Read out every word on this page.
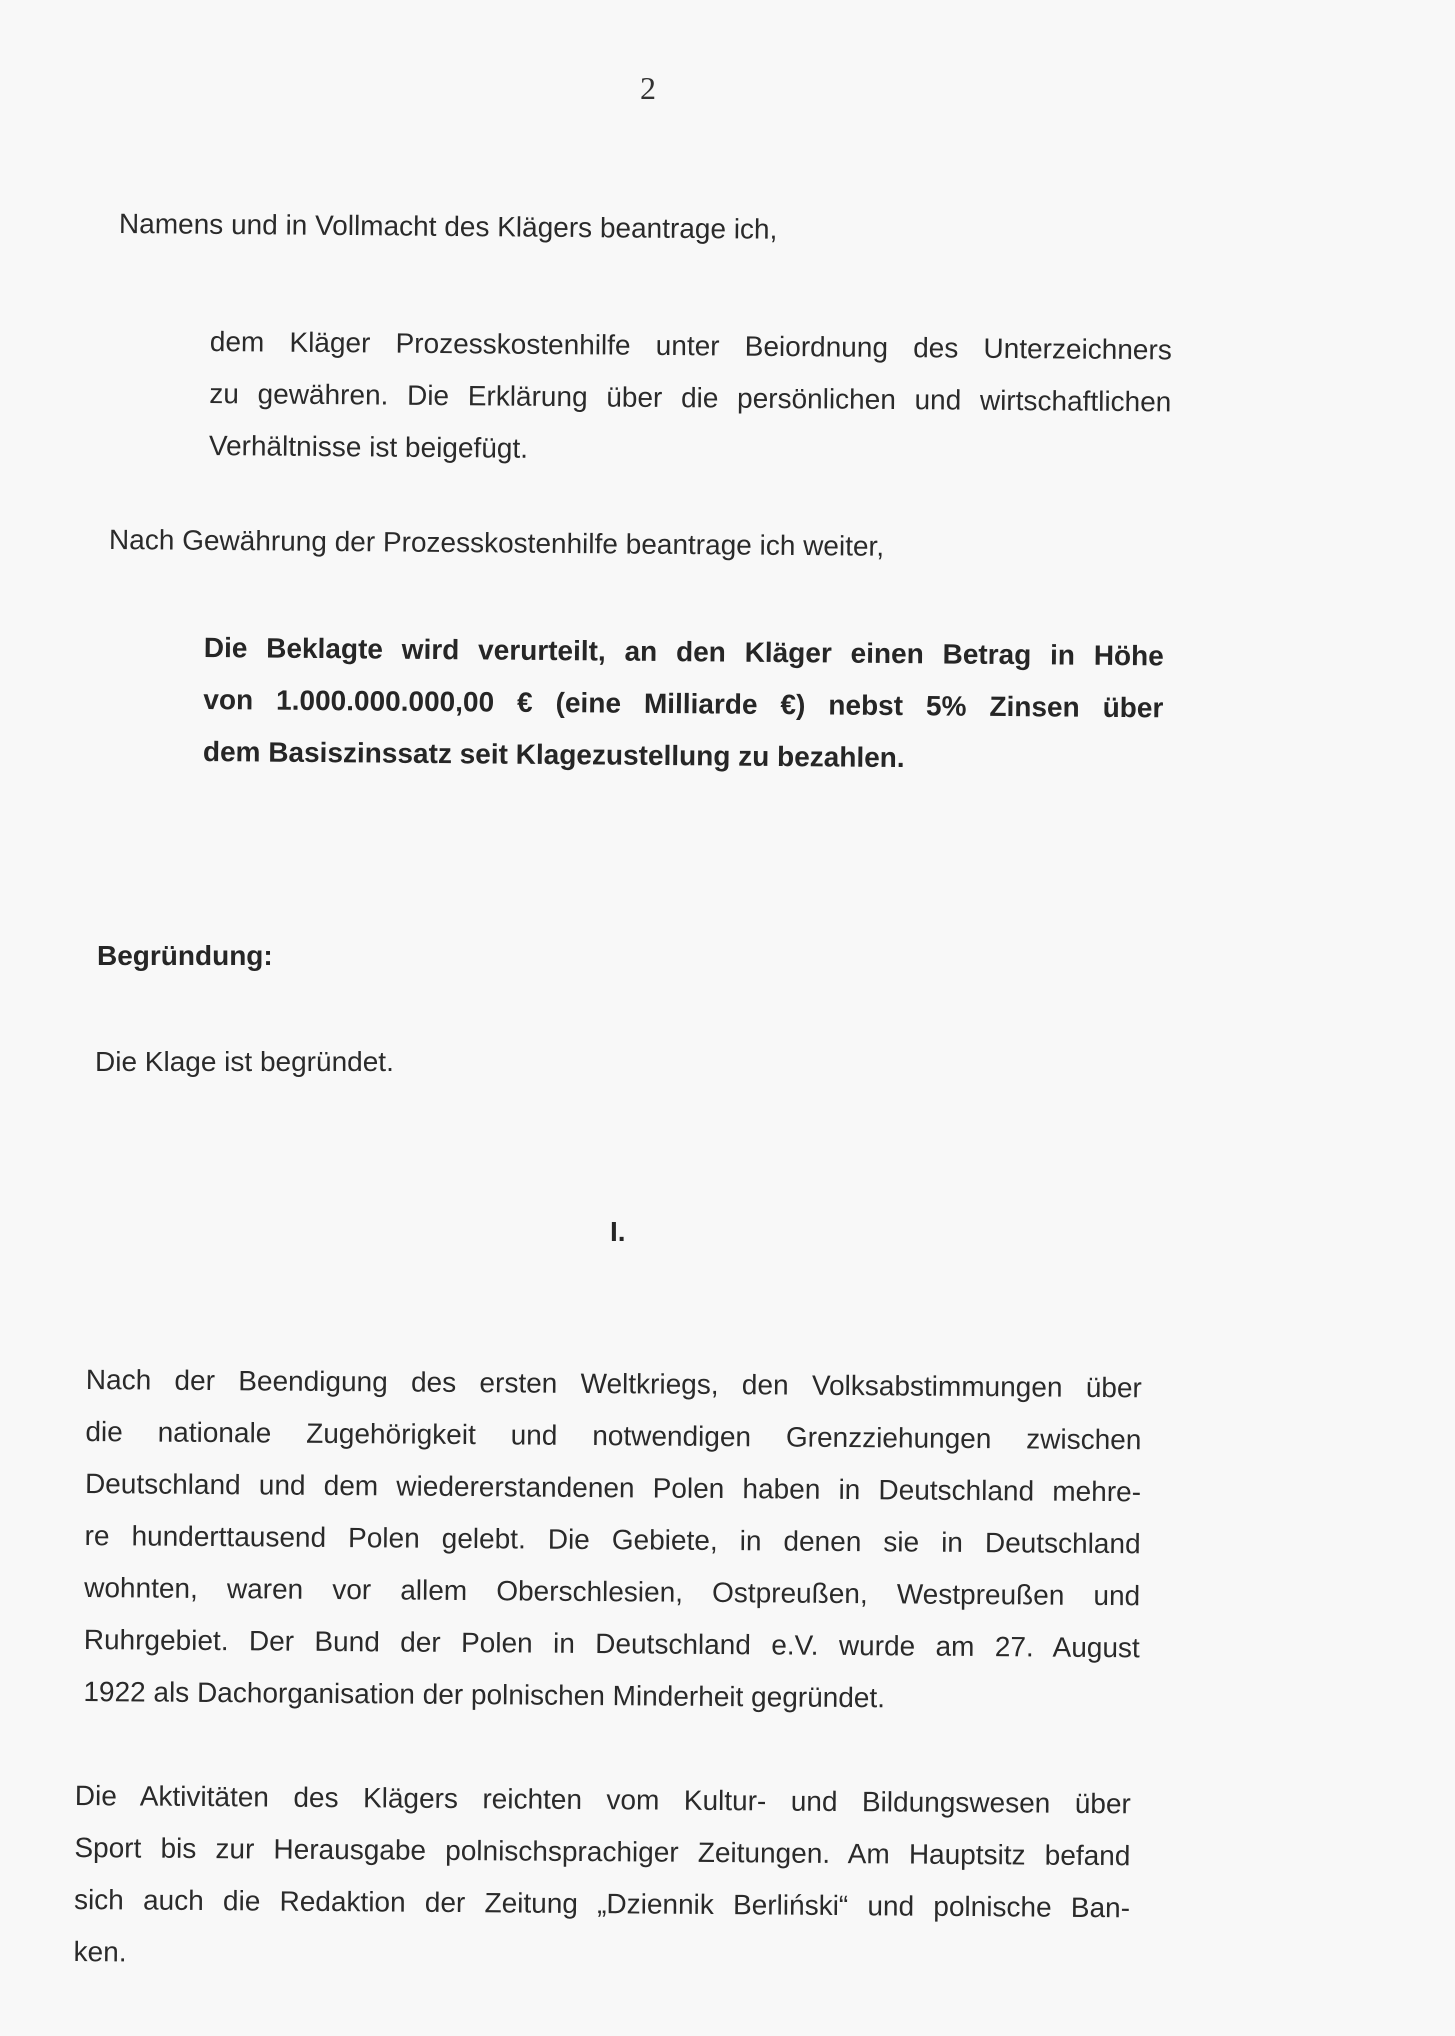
2
Namens und in Vollmacht des Klägers beantrage ich,
dem Kläger Prozesskostenhilfe unter Beiordnung des Unterzeichners
zu gewähren. Die Erklärung über die persönlichen und wirtschaftlichen
Verhältnisse ist beigefügt.
Nach Gewährung der Prozesskostenhilfe beantrage ich weiter,
Die Beklagte wird verurteilt, an den Kläger einen Betrag in Höhe
von 1.000.000.000,00 € (eine Milliarde €) nebst 5% Zinsen über
dem Basiszinssatz seit Klagezustellung zu bezahlen.
Begründung:
Die Klage ist begründet.
I.
Nach der Beendigung des ersten Weltkriegs, den Volksabstimmungen über
die nationale Zugehörigkeit und notwendigen Grenzziehungen zwischen
Deutschland und dem wiedererstandenen Polen haben in Deutschland mehre-
re hunderttausend Polen gelebt. Die Gebiete, in denen sie in Deutschland
wohnten, waren vor allem Oberschlesien, Ostpreußen, Westpreußen und
Ruhrgebiet. Der Bund der Polen in Deutschland e.V. wurde am 27. August
1922 als Dachorganisation der polnischen Minderheit gegründet.
Die Aktivitäten des Klägers reichten vom Kultur- und Bildungswesen über
Sport bis zur Herausgabe polnischsprachiger Zeitungen. Am Hauptsitz befand
sich auch die Redaktion der Zeitung „Dziennik Berliński“ und polnische Ban-
ken.
